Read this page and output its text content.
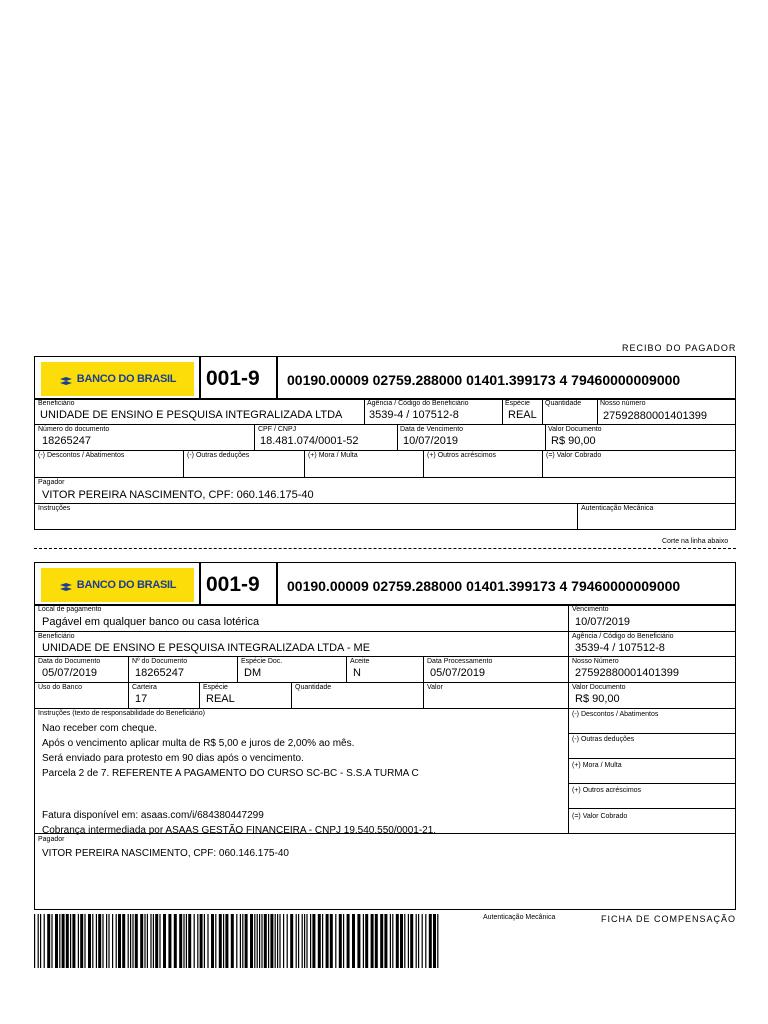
RECIBO DO PAGADOR
BANCO DO BRASIL 001-9 00190.00009 02759.288000 01401.399173 4 79460000009000
Beneficiário
UNIDADE DE ENSINO E PESQUISA INTEGRALIZADA LTDA
Agência / Código do Beneficiário
3539-4 / 107512-8
Espécie
REAL
Quantidade	Nosso número
27592880001401399
Número do documento
18265247
CPF / CNPJ
18.481.074/0001-52
Data de Vencimento
10/07/2019
Valor Documento
R$ 90,00
(-) Descontos / Abatimentos	(-) Outras deduções	(+) Mora / Multa	(+) Outros acréscimos	(=) Valor Cobrado
Pagador
VITOR PEREIRA NASCIMENTO, CPF: 060.146.175-40
Instruções	Autenticação Mecânica
Corte na linha abaixo
BANCO DO BRASIL 001-9 00190.00009 02759.288000 01401.399173 4 79460000009000
Local de pagamento
Pagável em qualquer banco ou casa lotérica
Vencimento
10/07/2019
Beneficiário
UNIDADE DE ENSINO E PESQUISA INTEGRALIZADA LTDA - ME
Agência / Código do Beneficiário
3539-4 / 107512-8
Data do Documento
05/07/2019
Nº do Documento
18265247
Espécie Doc.
DM
Aceite
N
Data Processamento
05/07/2019
Nosso Número
27592880001401399
Uso do Banco	Carteira
17
Espécie
REAL
Quantidade	Valor	Valor Documento
R$ 90,00
Instruções (texto de responsabilidade do Beneficiário)
Nao receber com cheque.
Após o vencimento aplicar multa de R$ 5,00 e juros de 2,00% ao mês.
Será enviado para protesto em 90 dias após o vencimento.
Parcela 2 de 7. REFERENTE A PAGAMENTO DO CURSO SC-BC - S.S.A TURMA C
Fatura disponível em: asaas.com/i/684380447299
Cobrança intermediada por ASAAS GESTÃO FINANCEIRA - CNPJ 19.540.550/0001-21.
(-) Descontos / Abatimentos
(-) Outras deduções
(+) Mora / Multa
(+) Outros acréscimos
(=) Valor Cobrado
Pagador
VITOR PEREIRA NASCIMENTO, CPF: 060.146.175-40
Autenticação Mecânica	FICHA DE COMPENSAÇÃO
